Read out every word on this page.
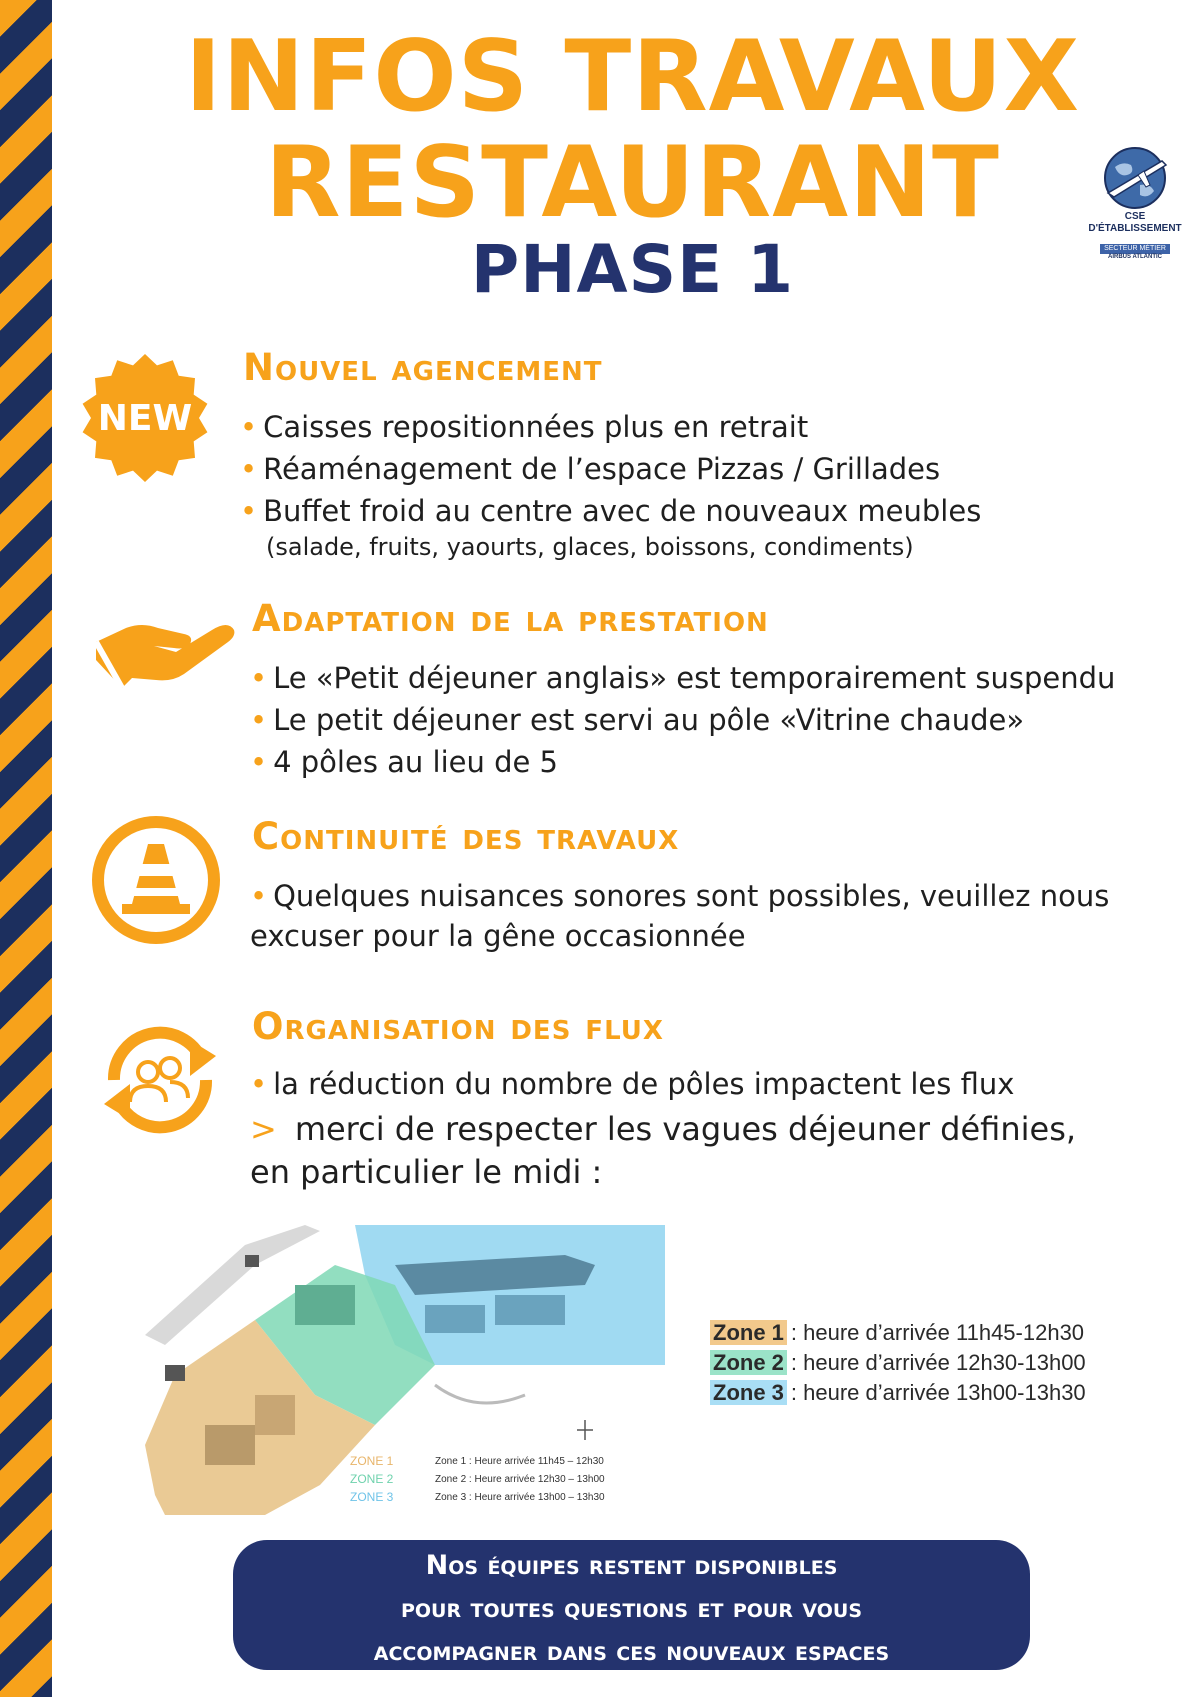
INFOS TRAVAUX
RESTAURANT
PHASE 1
CSE D'ÉTABLISSEMENT
SECTEUR MÉTIER
AIRBUS ATLANTIC
NEW
Nouvel agencement
• Caisses repositionnées plus en retrait
• Réaménagement de l’espace Pizzas / Grillades
• Buffet froid au centre avec de nouveaux meubles
(salade, fruits, yaourts, glaces, boissons, condiments)
Adaptation de la prestation
• Le «Petit déjeuner anglais» est temporairement suspendu
• Le petit déjeuner est servi au pôle «Vitrine chaude»
• 4 pôles au lieu de 5
Continuité des travaux
• Quelques nuisances sonores sont possibles, veuillez nous
excuser pour la gêne occasionnée
Organisation des flux
• la réduction du nombre de pôles impactent les flux
> merci de respecter les vagues déjeuner définies,
en particulier le midi :
ZONE 1
ZONE 2
ZONE 3
Zone 1 : Heure arrivée 11h45 – 12h30
Zone 2 : Heure arrivée 12h30 – 13h00
Zone 3 : Heure arrivée 13h00 – 13h30
Zone 1 : heure d’arrivée 11h45-12h30
Zone 2 : heure d’arrivée 12h30-13h00
Zone 3 : heure d’arrivée 13h00-13h30
Nos équipes restent disponibles
pour toutes questions et pour vous
accompagner dans ces nouveaux espaces
